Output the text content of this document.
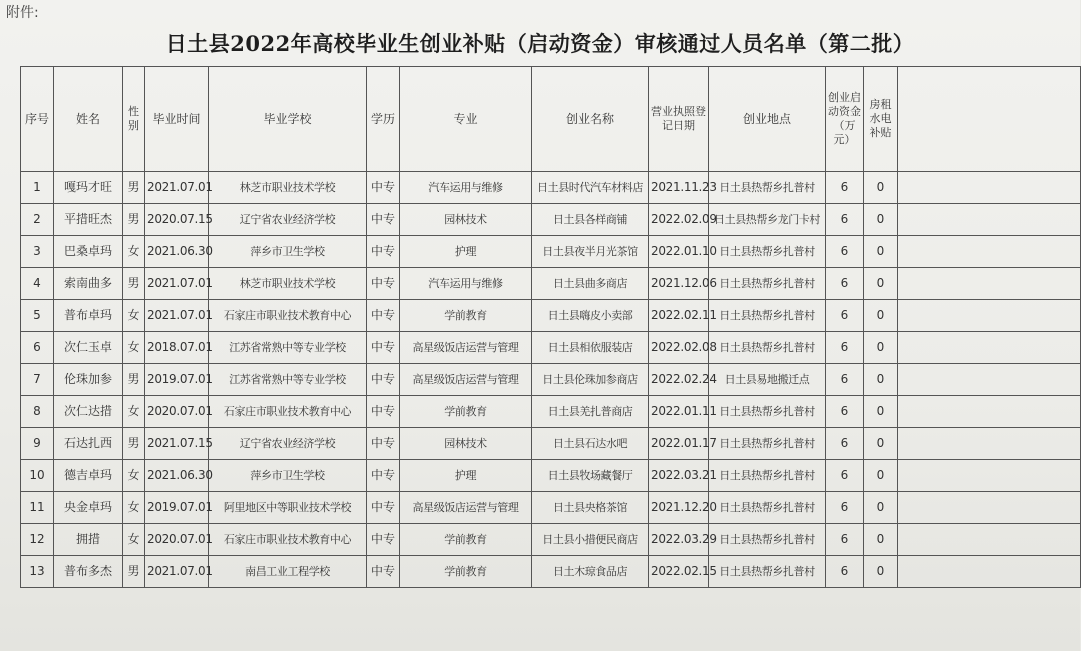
附件:
日土县2022年高校毕业生创业补贴（启动资金）审核通过人员名单（第二批）
序号	姓名	性别	毕业时间	毕业学校	学历	专业	创业名称	营业执照登记日期	创业地点	创业启动资金（万元）	房租水电补贴	
1	嘎玛才旺	男	2021.07.01	林芝市职业技术学校	中专	汽车运用与维修	日土县时代汽车材料店	2021.11.23	日土县热帮乡扎普村	6	0	
2	平措旺杰	男	2020.07.15	辽宁省农业经济学校	中专	园林技术	日土县各样商铺	2022.02.09	日土县热帮乡龙门卡村	6	0	
3	巴桑卓玛	女	2021.06.30	萍乡市卫生学校	中专	护理	日土县夜半月光茶馆	2022.01.10	日土县热帮乡扎普村	6	0	
4	索南曲多	男	2021.07.01	林芝市职业技术学校	中专	汽车运用与维修	日土县曲多商店	2021.12.06	日土县热帮乡扎普村	6	0	
5	普布卓玛	女	2021.07.01	石家庄市职业技术教育中心	中专	学前教育	日土县嗨皮小卖部	2022.02.11	日土县热帮乡扎普村	6	0	
6	次仁玉卓	女	2018.07.01	江苏省常熟中等专业学校	中专	高星级饭店运营与管理	日土县相依服装店	2022.02.08	日土县热帮乡扎普村	6	0	
7	伦珠加参	男	2019.07.01	江苏省常熟中等专业学校	中专	高星级饭店运营与管理	日土县伦珠加参商店	2022.02.24	日土县易地搬迁点	6	0	
8	次仁达措	女	2020.07.01	石家庄市职业技术教育中心	中专	学前教育	日土县羌扎普商店	2022.01.11	日土县热帮乡扎普村	6	0	
9	石达扎西	男	2021.07.15	辽宁省农业经济学校	中专	园林技术	日土县石达水吧	2022.01.17	日土县热帮乡扎普村	6	0	
10	德吉卓玛	女	2021.06.30	萍乡市卫生学校	中专	护理	日土县牧场藏餐厅	2022.03.21	日土县热帮乡扎普村	6	0	
11	央金卓玛	女	2019.07.01	阿里地区中等职业技术学校	中专	高星级饭店运营与管理	日土县央格茶馆	2021.12.20	日土县热帮乡扎普村	6	0	
12	拥措	女	2020.07.01	石家庄市职业技术教育中心	中专	学前教育	日土县小措便民商店	2022.03.29	日土县热帮乡扎普村	6	0	
13	普布多杰	男	2021.07.01	南昌工业工程学校	中专	学前教育	日土木琼食品店	2022.02.15	日土县热帮乡扎普村	6	0	
